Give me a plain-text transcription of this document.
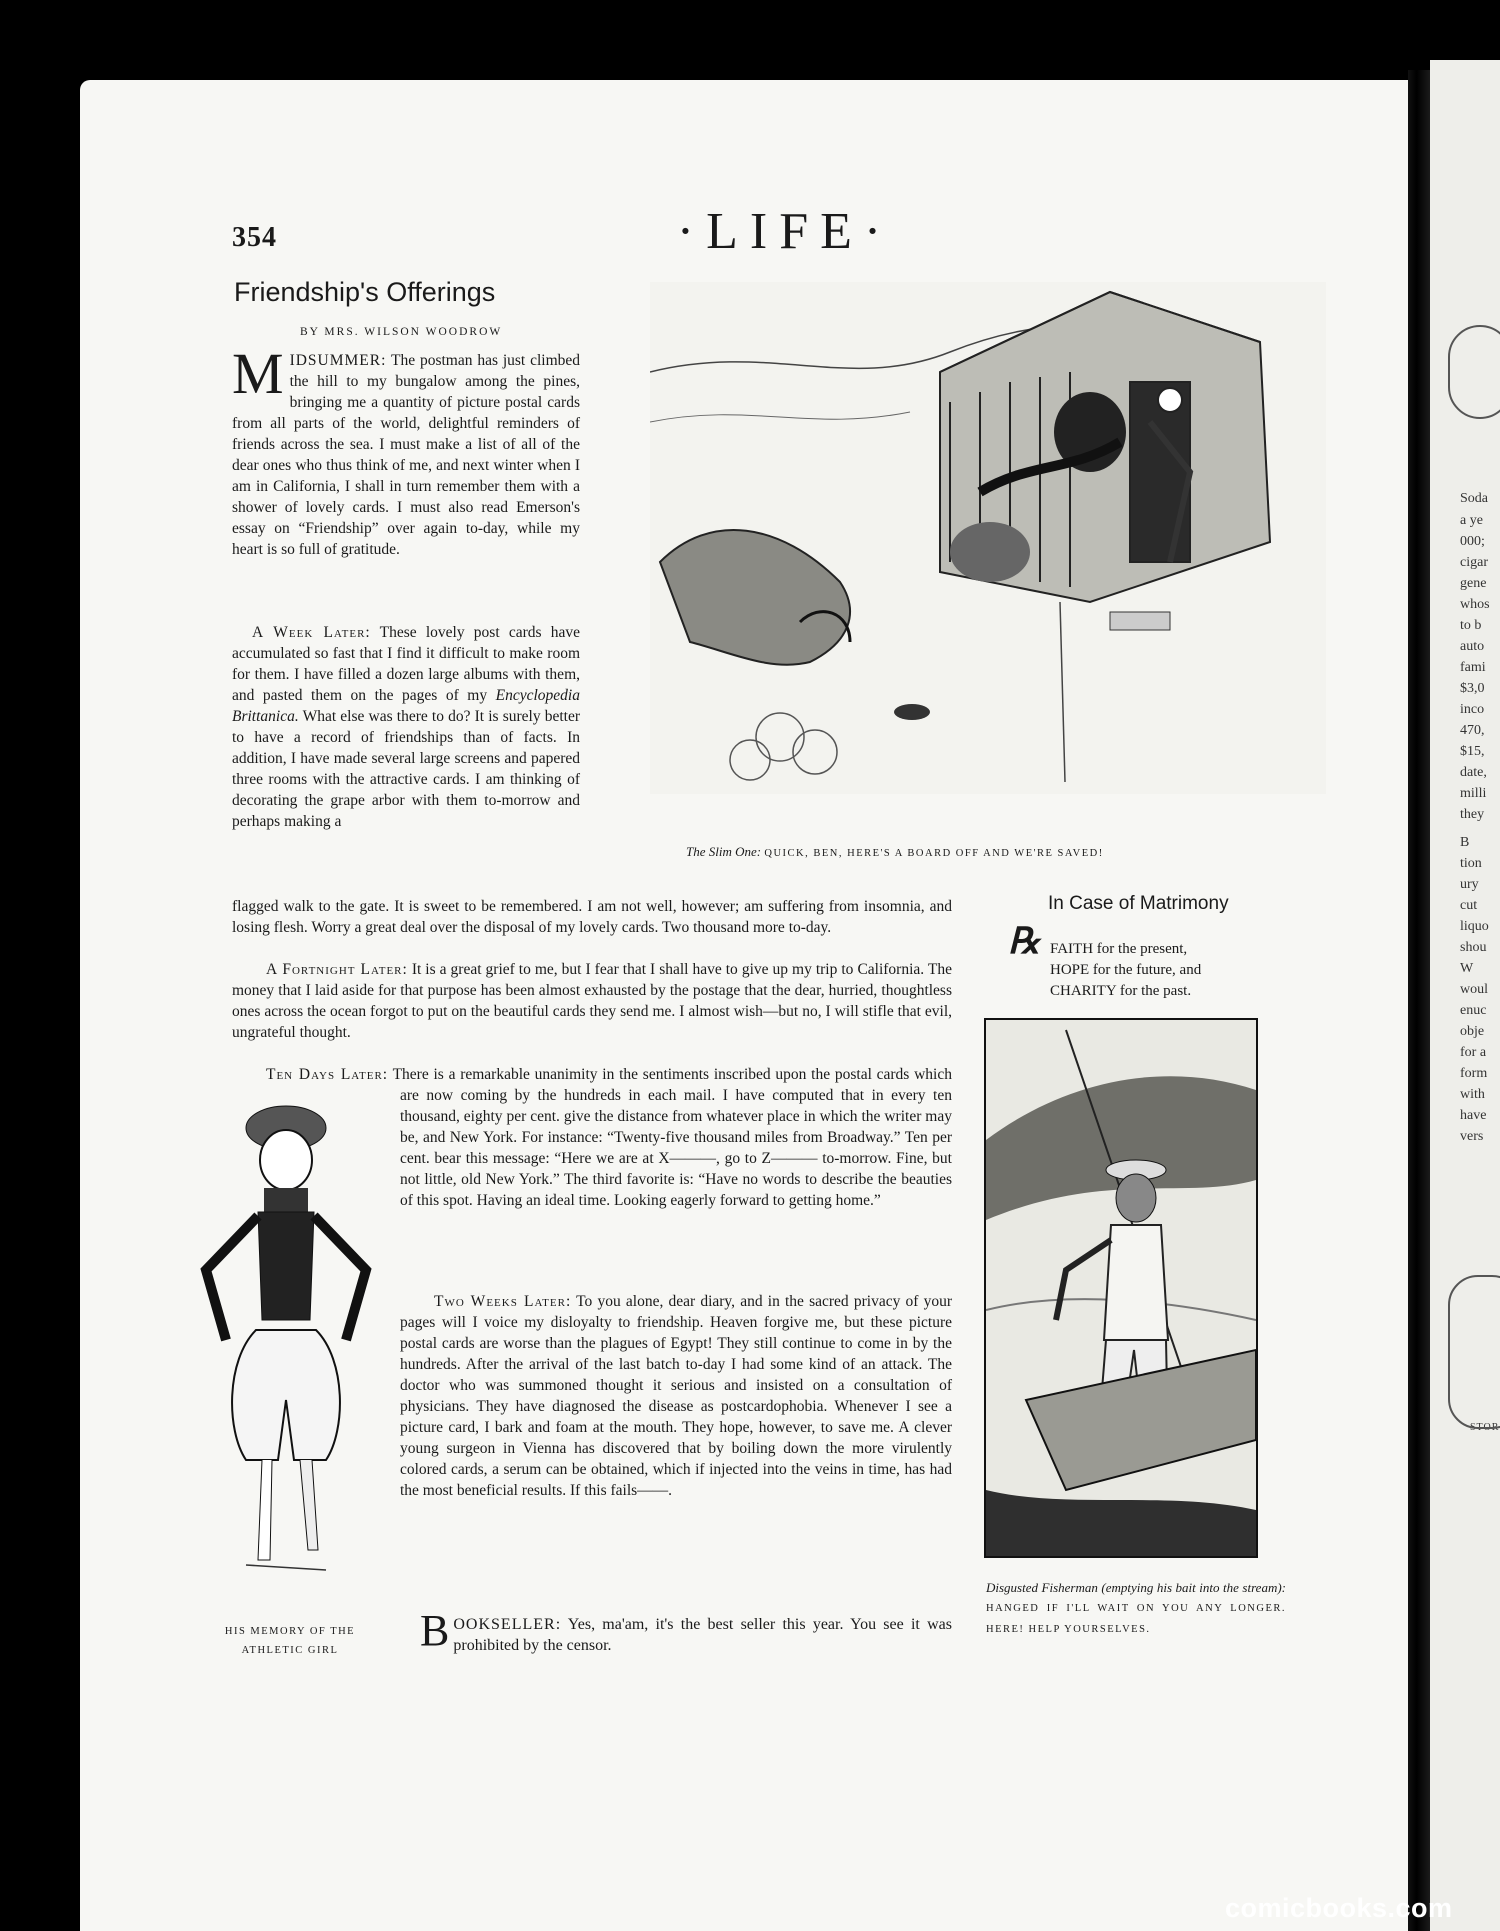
Soda
a ye
000;
cigar
gene
whos
to b
auto
fami
$3,0
inco
470,
$15,
date,
milli
they
B
tion
ury
cut
liquo
shou
W
woul
enuc
obje
for a
form
with
have
vers
STOR
354	·LIFE·
Friendship's Offerings
BY MRS. WILSON WOODROW
MIDSUMMER: The postman has just climbed the hill to my bungalow among the pines, bringing me a quantity of picture postal cards from all parts of the world, delightful reminders of friends across the sea. I must make a list of all of the dear ones who thus think of me, and next winter when I am in California, I shall in turn remember them with a shower of lovely cards. I must also read Emerson's essay on “Friendship” over again to-day, while my heart is so full of gratitude.
A Week Later: These lovely post cards have accumulated so fast that I find it difficult to make room for them. I have filled a dozen large albums with them, and pasted them on the pages of my Encyclopedia Brittanica. What else was there to do? It is surely better to have a record of friendships than of facts. In addition, I have made several large screens and papered three rooms with the attractive cards. I am thinking of decorating the grape arbor with them to-morrow and perhaps making a
flagged walk to the gate. It is sweet to be remembered. I am not well, however; am suffering from insomnia, and losing flesh. Worry a great deal over the disposal of my lovely cards. Two thousand more to-day.
A Fortnight Later: It is a great grief to me, but I fear that I shall have to give up my trip to California. The money that I laid aside for that purpose has been almost exhausted by the postage that the dear, hurried, thoughtless ones across the ocean forgot to put on the beautiful cards they send me. I almost wish—but no, I will stifle that evil, ungrateful thought.
Ten Days Later: There is a remarkable unanimity in the sentiments inscribed upon the postal cards which are now coming by the hundreds in each mail. I have computed that in every ten thousand, eighty per cent. give the distance from whatever place in which the writer may be, and New York. For instance: “Twenty-five thousand miles from Broadway.” Ten per cent. bear this message: “Here we are at X———, go to Z——— to-morrow. Fine, but not little, old New York.” The third favorite is: “Have no words to describe the beauties of this spot. Having an ideal time. Looking eagerly forward to getting home.”
Two Weeks Later: To you alone, dear diary, and in the sacred privacy of your pages will I voice my disloyalty to friendship. Heaven forgive me, but these picture postal cards are worse than the plagues of Egypt! They still continue to come in by the hundreds. After the arrival of the last batch to-day I had some kind of an attack. The doctor who was summoned thought it serious and insisted on a consultation of physicians. They have diagnosed the disease as postcardophobia. Whenever I see a picture card, I bark and foam at the mouth. They hope, however, to save me. A clever young surgeon in Vienna has discovered that by boiling down the more virulently colored cards, a serum can be obtained, which if injected into the veins in time, has had the most beneficial results. If this fails——.
BOOKSELLER: Yes, ma'am, it's the best seller this year. You see it was prohibited by the censor.
The Slim One: QUICK, BEN, HERE'S A BOARD OFF AND WE'RE SAVED!
HIS MEMORY OF THE
ATHLETIC GIRL
In Case of Matrimony
℞ FAITH for the present,
HOPE for the future, and
CHARITY for the past.
Disgusted Fisherman (emptying his bait into the stream): HANGED IF I'LL WAIT ON YOU ANY LONGER. HERE! HELP YOURSELVES.
comicbooks.com
